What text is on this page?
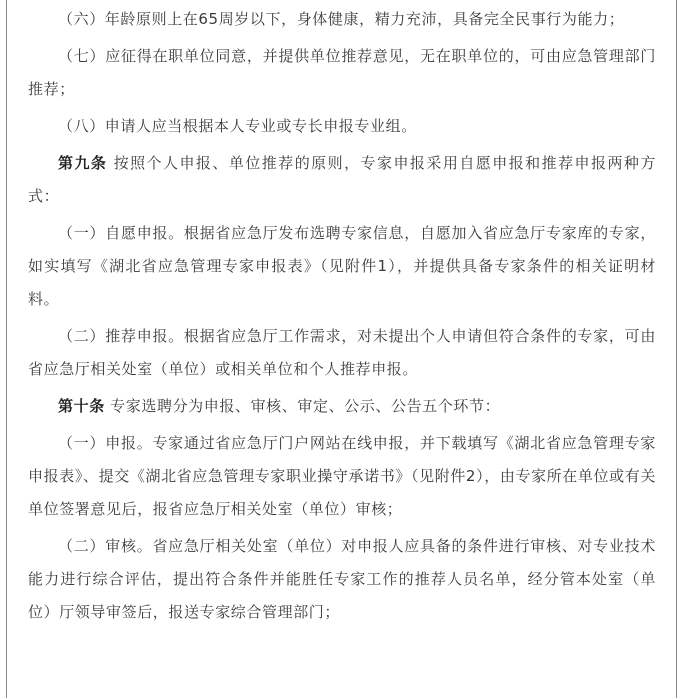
（六）年龄原则上在65周岁以下，身体健康，精力充沛，具备完全民事行为能力；

（七）应征得在职单位同意，并提供单位推荐意见，无在职单位的，可由应急管理部门推荐；

（八）申请人应当根据本人专业或专长申报专业组。

第九条 按照个人申报、单位推荐的原则，专家申报采用自愿申报和推荐申报两种方式：

（一）自愿申报。根据省应急厅发布选聘专家信息，自愿加入省应急厅专家库的专家，如实填写《湖北省应急管理专家申报表》（见附件1），并提供具备专家条件的相关证明材料。

（二）推荐申报。根据省应急厅工作需求，对未提出个人申请但符合条件的专家，可由省应急厅相关处室（单位）或相关单位和个人推荐申报。

第十条 专家选聘分为申报、审核、审定、公示、公告五个环节：

（一）申报。专家通过省应急厅门户网站在线申报，并下载填写《湖北省应急管理专家申报表》、提交《湖北省应急管理专家职业操守承诺书》（见附件2），由专家所在单位或有关单位签署意见后，报省应急厅相关处室（单位）审核；

（二）审核。省应急厅相关处室（单位）对申报人应具备的条件进行审核、对专业技术能力进行综合评估，提出符合条件并能胜任专家工作的推荐人员名单，经分管本处室（单位）厅领导审签后，报送专家综合管理部门；
